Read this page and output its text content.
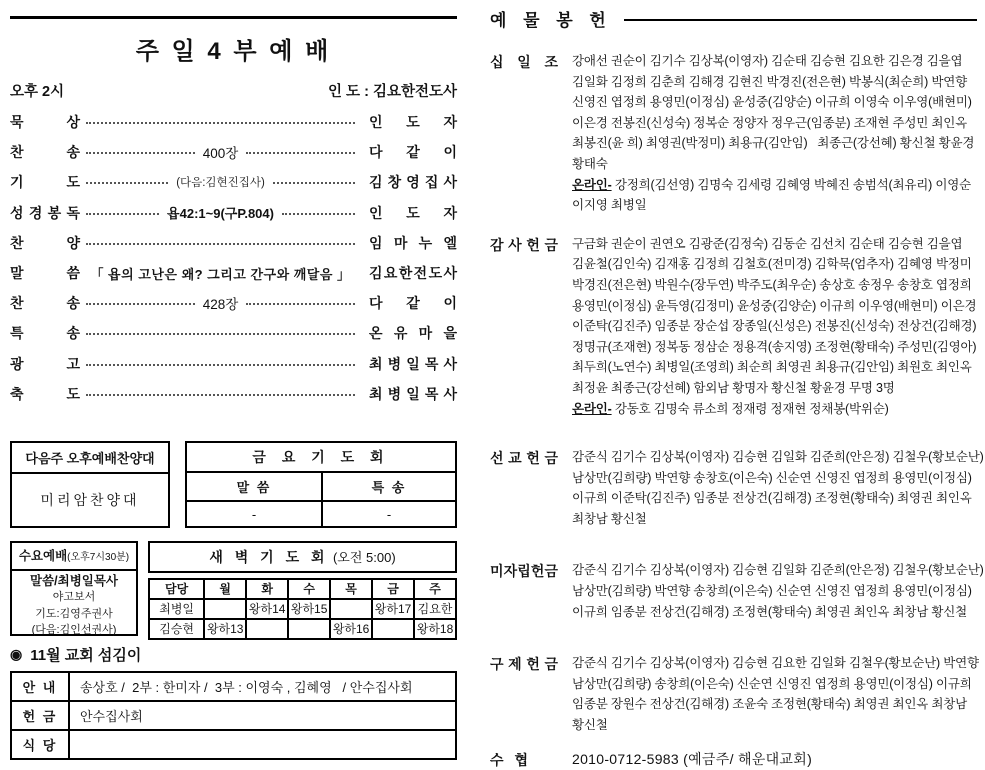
주 일 4 부 예 배
오후 2시	인 도 : 김요한전도사
묵	상	인 도 자
찬	송	400장	다 같 이
기	도	(다음:김현진집사)	김 창 영 집 사
성 경 봉 독	욥42:1~9(구P.804)	인 도 자
찬	양	임 마 누 엘
말	씀 「 욥의 고난은 왜? 그리고 간구와 깨달음 」	김 요 한 전 도 사
찬	송	428장	다 같 이
특	송	온 유 마 을
광	고	최 병 일 목 사
축	도	최 병 일 목 사
다음주 오후예배찬양대
미리암찬양대
금 요 기 도 회
말 씀	특 송
-	-
수요예배(오후7시30분)
말씀/최병일목사
야고보서
기도:김영주권사
(다음:김인선권사)
새 벽 기 도 회 (오전 5:00)
담당	월	화	수	목	금	주
최병일		왕하14	왕하15		왕하17	김요한
김승현	왕하13			왕하16		왕하18
◉ 11월 교회 섬김이
안 내	송상호 /  2부 : 한미자 /  3부 : 이영숙 , 김혜영   / 안수집사회
헌 금	안수집사회
식 당	
예 물 봉 헌
십 일 조 강애선 권순이 김기수 김상복(이영자) 김순태 김승현 김요한 김은경 김을엽
김일화 김정희 김춘희 김해경 김현진 박경진(전은현) 박봉식(최순희) 박연향
신영진 엽정희 용영민(이정심) 윤성중(김양순) 이규희 이영숙 이우영(배현미)
이은경 전봉진(신성숙) 정복순 정양자 정우근(임종분) 조재현 주성민 최인옥
최봉진(윤 희) 최영권(박정미) 최용규(김안임)   최종근(강선혜) 황신철 황윤경
황태숙
온라인- 강정희(김선영) 김명숙 김세령 김혜영 박혜진 송범석(최유리) 이영순
이지영 최병일
감 사 헌 금 구금화 권순이 권연오 김광준(김정숙) 김동순 김선치 김순태 김승현 김을엽
김윤철(김인숙) 김재홍 김정희 김철호(전미경) 김학묵(엄추자) 김혜영 박정미
박경진(전은현) 박원수(장두연) 박주도(최우순) 송상호 송정우 송창호 엽정희
용영민(이정심) 윤득영(김정미) 윤성중(김양순) 이규희 이우영(배현미) 이은경
이준탁(김진주) 임종분 장순섭 장종일(신성은) 전봉진(신성숙) 전상건(김해경)
정명규(조재현) 정복동 정삼순 정용격(송지영) 조정현(황태숙) 주성민(김영아)
최두희(노연수) 최병일(조영희) 최순희 최영권 최용규(김안임) 최원호 최인옥
최정윤 최종근(강선혜) 함외남 황명자 황신철 황윤경 무명 3명
온라인- 강동호 김명숙 류소희 정재령 정재현 정채봉(박위순)
선 교 헌 금 감준식 김기수 김상복(이영자) 김승현 김일화 김준희(안은정) 김철우(황보순난)
남상만(김희량) 박연향 송창호(이은숙) 신순연 신영진 엽정희 용영민(이정심)
이규희 이준탁(김진주) 임종분 전상건(김해경) 조정현(황태숙) 최영권 최인옥
최창남 황신철
미 자 립 헌 금 감준식 김기수 김상복(이영자) 김승현 김일화 김준희(안은정) 김철우(황보순난)
남상만(김희량) 박연향 송창희(이은숙) 신순연 신영진 엽정희 용영민(이정심)
이규희 임종분 전상건(김해경) 조정현(황태숙) 최영권 최인옥 최창남 황신철
구 제 헌 금 감준식 김기수 김상복(이영자) 김승현 김요한 김일화 김철우(황보순난) 박연향
남상만(김희량) 송창희(이은숙) 신순연 신영진 엽정희 용영민(이정심) 이규희
임종분 장원수 전상건(김해경) 조윤숙 조정현(황태숙) 최영권 최인옥 최창남
황신철
수 협	2010-0712-5983 (예금주/ 해운대교회)
